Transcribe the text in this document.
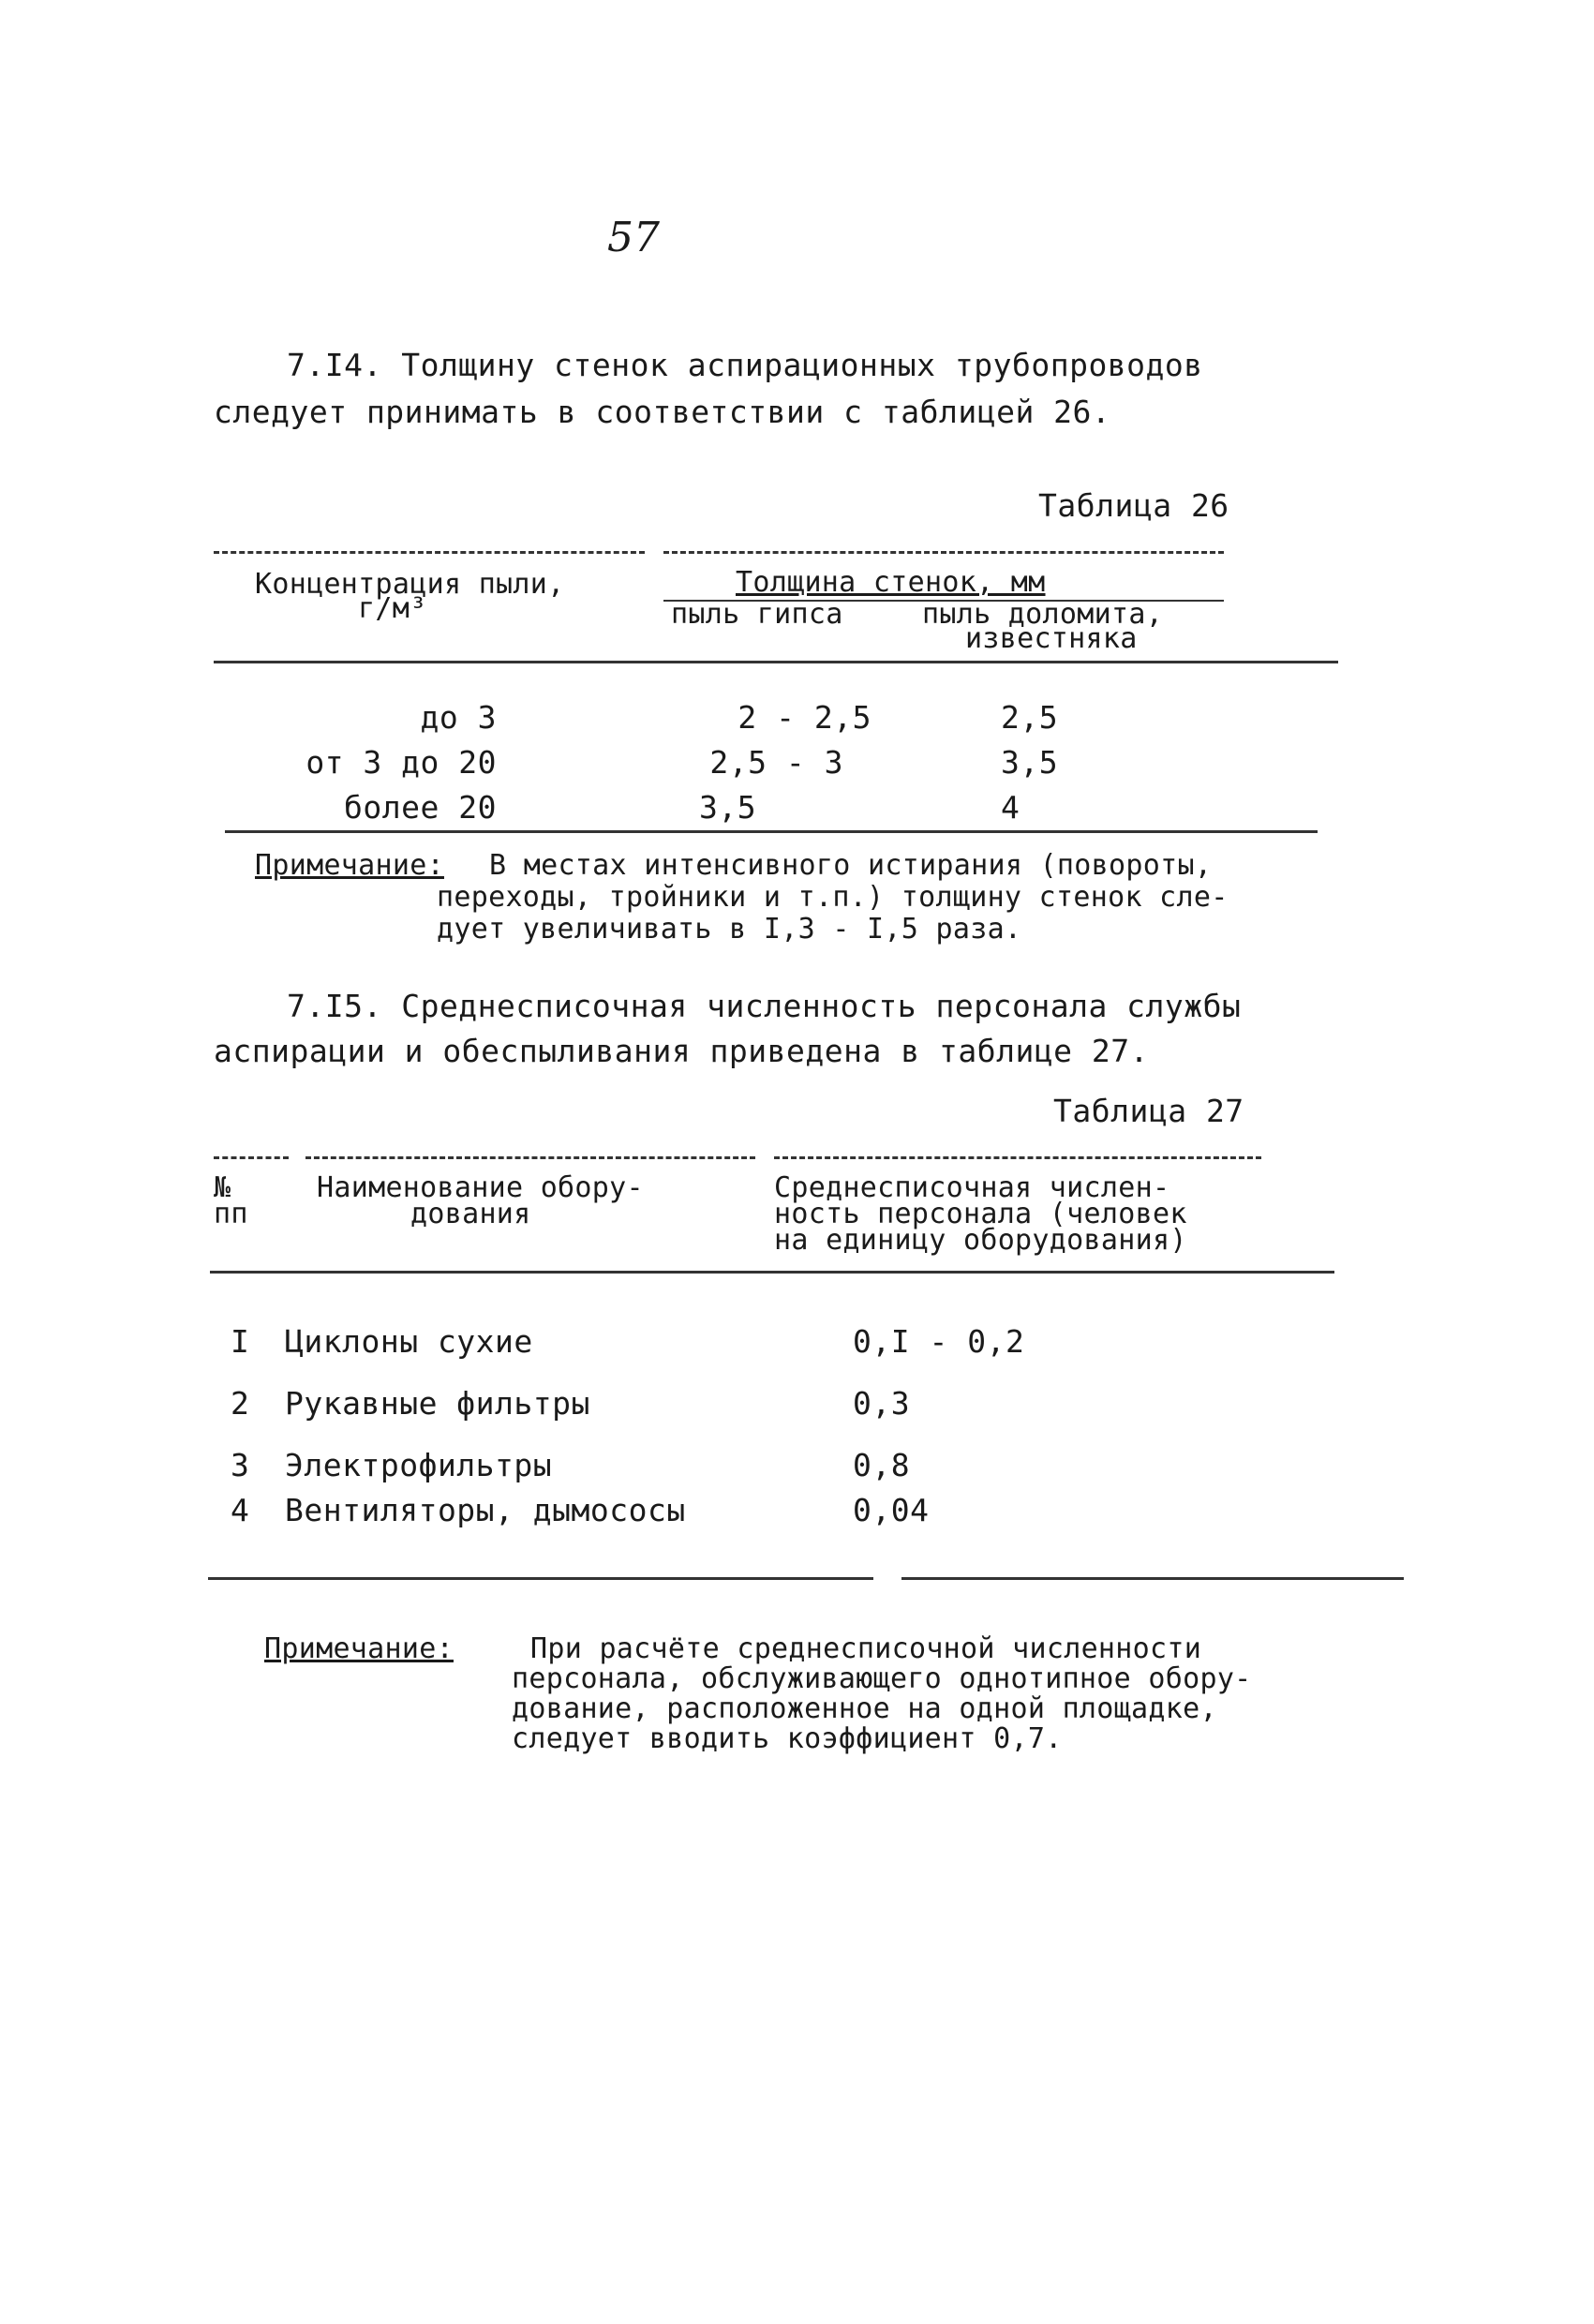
57
7.I4. Толщину стенок аспирационных трубопроводов
следует принимать в соответствии с таблицей 26.
Таблица 26
Концентрация пыли,
г/м³
Толщина стенок, мм
пыль гипса	пыль доломита,
известняка
до 3	2 - 2,5	2,5
от 3 до 20	2,5 - 3	3,5
более 20	3,5	4
Примечание: В местах интенсивного истирания (повороты,
переходы, тройники и т.п.) толщину стенок сле-
дует увеличивать в I,3 - I,5 раза.
7.I5. Среднесписочная численность персонала службы
аспирации и обеспыливания приведена в таблице 27.
Таблица 27
№
пп
Наименование обору-
дования
Среднесписочная числен-
ность персонала (человек
на единицу оборудования)
I Циклоны сухие	0,I - 0,2
2 Рукавные фильтры	0,3
3 Электрофильтры	0,8
4 Вентиляторы, дымососы	0,04
Примечание:	При расчёте среднесписочной численности
персонала, обслуживающего однотипное обору-
дование, расположенное на одной площадке,
следует вводить коэффициент 0,7.
